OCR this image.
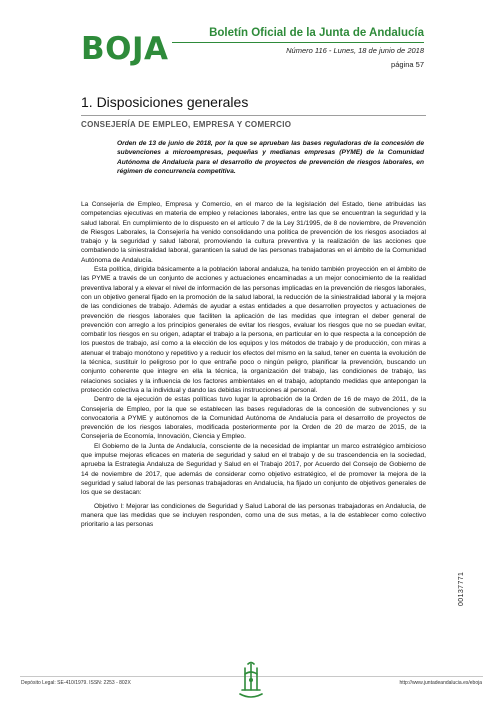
BOJA	Boletín Oficial de la Junta de Andalucía
Número 116 - Lunes, 18 de junio de 2018
página 57
1. Disposiciones generales
CONSEJERÍA DE EMPLEO, EMPRESA Y COMERCIO

Orden de 13 de junio de 2018, por la que se aprueban las bases reguladoras de la concesión de subvenciones a microempresas, pequeñas y medianas empresas (PYME) de la Comunidad Autónoma de Andalucía para el desarrollo de proyectos de prevención de riesgos laborales, en régimen de concurrencia competitiva.

La Consejería de Empleo, Empresa y Comercio, en el marco de la legislación del Estado, tiene atribuidas las competencias ejecutivas en materia de empleo y relaciones laborales, entre las que se encuentran la seguridad y la salud laboral. En cumplimiento de lo dispuesto en el artículo 7 de la Ley 31/1995, de 8 de noviembre, de Prevención de Riesgos Laborales, la Consejería ha venido consolidando una política de prevención de los riesgos asociados al trabajo y la seguridad y salud laboral, promoviendo la cultura preventiva y la realización de las acciones que combatiendo la siniestralidad laboral, garanticen la salud de las personas trabajadoras en el ámbito de la Comunidad Autónoma de Andalucía.

Esta política, dirigida básicamente a la población laboral andaluza, ha tenido también proyección en el ámbito de las PYME a través de un conjunto de acciones y actuaciones encaminadas a un mejor conocimiento de la realidad preventiva laboral y a elevar el nivel de información de las personas implicadas en la prevención de riesgos laborales, con un objetivo general fijado en la promoción de la salud laboral, la reducción de la siniestralidad laboral y la mejora de las condiciones de trabajo. Además de ayudar a estas entidades a que desarrollen proyectos y actuaciones de prevención de riesgos laborales que faciliten la aplicación de las medidas que integran el deber general de prevención con arreglo a los principios generales de evitar los riesgos, evaluar los riesgos que no se puedan evitar, combatir los riesgos en su origen, adaptar el trabajo a la persona, en particular en lo que respecta a la concepción de los puestos de trabajo, así como a la elección de los equipos y los métodos de trabajo y de producción, con miras a atenuar el trabajo monótono y repetitivo y a reducir los efectos del mismo en la salud, tener en cuenta la evolución de la técnica, sustituir lo peligroso por lo que entrañe poco o ningún peligro, planificar la prevención, buscando un conjunto coherente que integre en ella la técnica, la organización del trabajo, las condiciones de trabajo, las relaciones sociales y la influencia de los factores ambientales en el trabajo, adoptando medidas que antepongan la protección colectiva a la individual y dando las debidas instrucciones al personal.

Dentro de la ejecución de estas políticas tuvo lugar la aprobación de la Orden de 16 de mayo de 2011, de la Consejería de Empleo, por la que se establecen las bases reguladoras de la concesión de subvenciones y su convocatoria a PYME y autónomos de la Comunidad Autónoma de Andalucía para el desarrollo de proyectos de prevención de los riesgos laborales, modificada posteriormente por la Orden de 20 de marzo de 2015, de la Consejería de Economía, Innovación, Ciencia y Empleo.

El Gobierno de la Junta de Andalucía, consciente de la necesidad de implantar un marco estratégico ambicioso que impulse mejoras eficaces en materia de seguridad y salud en el trabajo y de su trascendencia en la sociedad, aprueba la Estrategia Andaluza de Seguridad y Salud en el Trabajo 2017, por Acuerdo del Consejo de Gobierno de 14 de noviembre de 2017, que además de considerar como objetivo estratégico, el de promover la mejora de la seguridad y salud laboral de las personas trabajadoras en Andalucía, ha fijado un conjunto de objetivos generales de los que se destacan:

Objetivo I: Mejorar las condiciones de Seguridad y Salud Laboral de las personas trabajadoras en Andalucía, de manera que las medidas que se incluyen responden, como una de sus metas, a la de establecer como colectivo prioritario a las personas

00137771
Depósito Legal: SE-410/1979. ISSN: 2253 - 802X	http://www.juntadeandalucia.es/eboja
